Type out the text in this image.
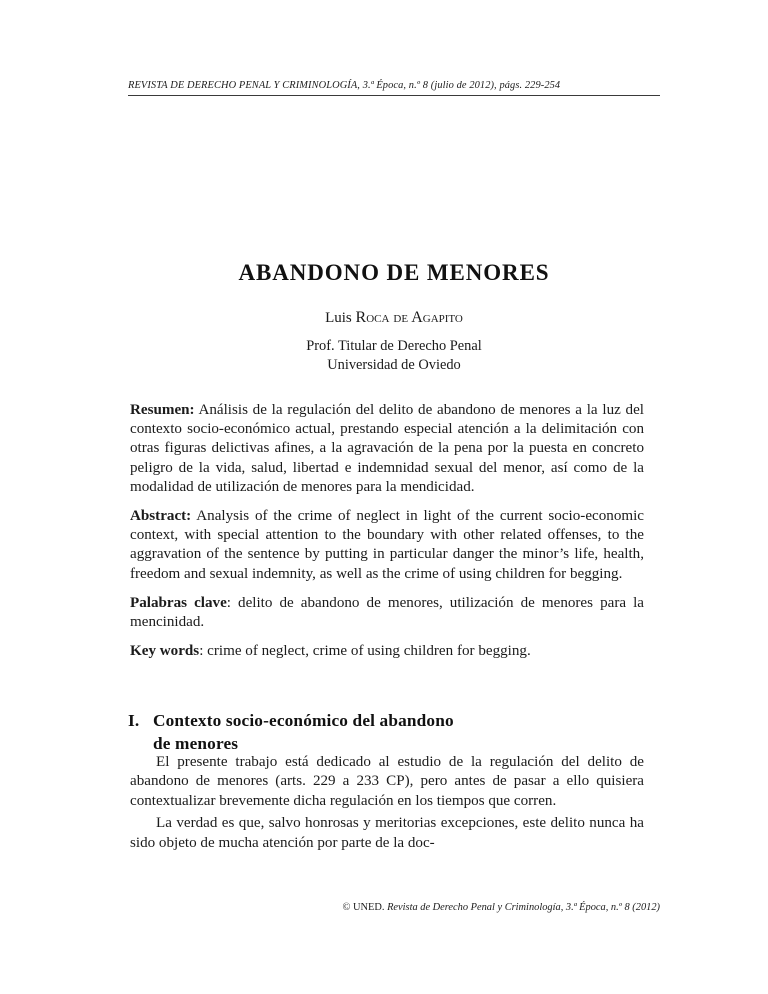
REVISTA DE DERECHO PENAL Y CRIMINOLOGÍA, 3.ª Época, n.º 8 (julio de 2012), págs. 229-254
ABANDONO DE MENORES
Luis Roca de Agapito
Prof. Titular de Derecho Penal
Universidad de Oviedo

Resumen: Análisis de la regulación del delito de abandono de menores a la luz del contexto socio-económico actual, prestando especial atención a la delimitación con otras figuras delictivas afines, a la agravación de la pena por la puesta en concreto peligro de la vida, salud, libertad e indemnidad sexual del menor, así como de la modalidad de utilización de menores para la mendicidad.

Abstract: Analysis of the crime of neglect in light of the current socio-economic context, with special attention to the boundary with other related offenses, to the aggravation of the sentence by putting in particular danger the minor’s life, health, freedom and sexual indemnity, as well as the crime of using children for begging.

Palabras clave: delito de abandono de menores, utilización de menores para la mencinidad.

Key words: crime of neglect, crime of using children for begging.

I. Contexto socio-económico del abandono
de menores

El presente trabajo está dedicado al estudio de la regulación del delito de abandono de menores (arts. 229 a 233 CP), pero antes de pasar a ello quisiera contextualizar brevemente dicha regulación en los tiempos que corren.

La verdad es que, salvo honrosas y meritorias excepciones, este delito nunca ha sido objeto de mucha atención por parte de la doc-

© UNED. Revista de Derecho Penal y Criminología, 3.ª Época, n.º 8 (2012)
